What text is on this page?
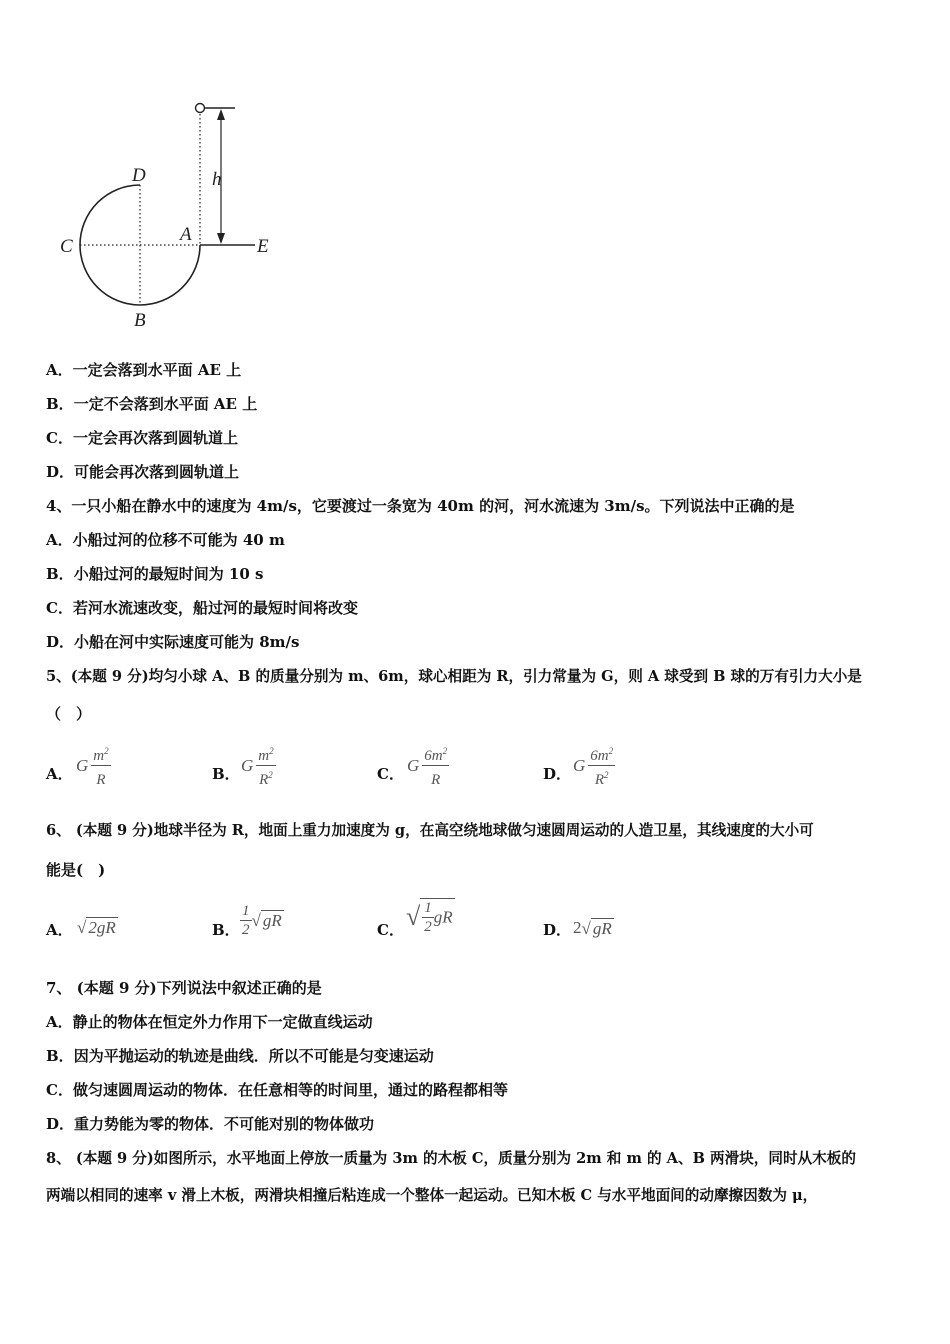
D
C
A
E
B
h
A．一定会落到水平面 AE 上
B．一定不会落到水平面 AE 上
C．一定会再次落到圆轨道上
D．可能会再次落到圆轨道上
4、一只小船在静水中的速度为 4m/s，它要渡过一条宽为 40m 的河，河水流速为 3m/s。下列说法中正确的是
A．小船过河的位移不可能为 40 m
B．小船过河的最短时间为 10 s
C．若河水流速改变，船过河的最短时间将改变
D．小船在河中实际速度可能为 8m/s
5、(本题 9 分)均匀小球 A、B 的质量分别为 m、6m，球心相距为 R，引力常量为 G，则 A 球受到 B 球的万有引力大小是
（　）
A． G $\frac{m^2}{R}$	B． G $\frac{m^2}{R^2}$	C． G $\frac{6m^2}{R}$	D． G $\frac{6m^2}{R^2}$
6、 (本题 9 分)地球半径为 R，地面上重力加速度为 g，在高空绕地球做匀速圆周运动的人造卫星，其线速度的大小可
能是(　)
A． √ 2gR	B． $\frac{1}{2}$ √ gR
C． √ $\frac{1}{2}$ gR
D． 2√ gR
7、 (本题 9 分)下列说法中叙述正确的是
A．静止的物体在恒定外力作用下一定做直线运动
B．因为平抛运动的轨迹是曲线．所以不可能是匀变速运动
C．做匀速圆周运动的物体．在任意相等的时间里，通过的路程都相等
D．重力势能为零的物体．不可能对别的物体做功
8、 (本题 9 分)如图所示，水平地面上停放一质量为 3m 的木板 C，质量分别为 2m 和 m 的 A、B 两滑块，同时从木板的
两端以相同的速率 v 滑上木板，两滑块相撞后粘连成一个整体一起运动。已知木板 C 与水平地面间的动摩擦因数为 μ，
